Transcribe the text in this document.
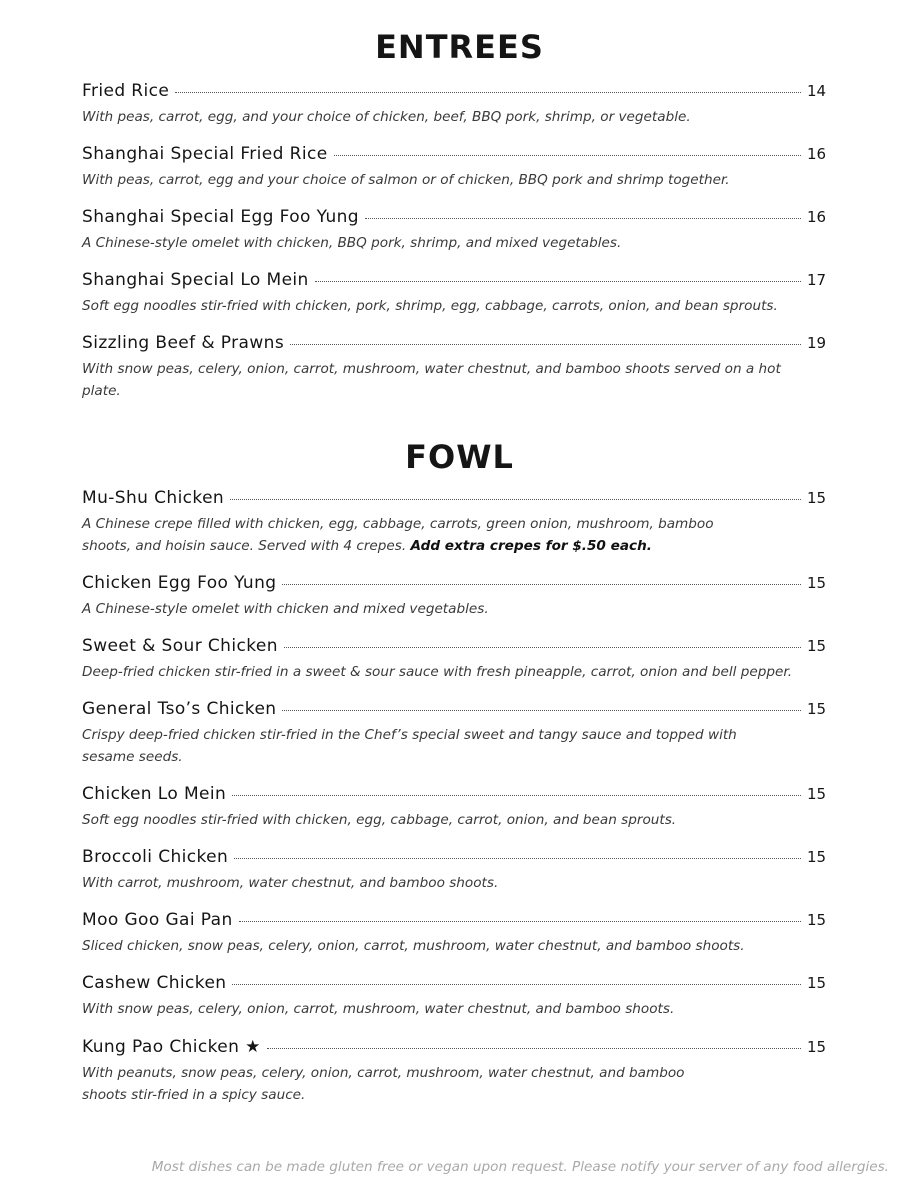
ENTREES
Fried Rice	14
With peas, carrot, egg, and your choice of chicken, beef, BBQ pork, shrimp, or vegetable.
Shanghai Special Fried Rice	16
With peas, carrot, egg and your choice of salmon or of chicken, BBQ pork and shrimp together.
Shanghai Special Egg Foo Yung	16
A Chinese-style omelet with chicken, BBQ pork, shrimp, and mixed vegetables.
Shanghai Special Lo Mein	17
Soft egg noodles stir-fried with chicken, pork, shrimp, egg, cabbage, carrots, onion, and bean sprouts.
Sizzling Beef & Prawns	19
With snow peas, celery, onion, carrot, mushroom, water chestnut, and bamboo shoots served on a hot plate.
FOWL
Mu-Shu Chicken	15
A Chinese crepe filled with chicken, egg, cabbage, carrots, green onion, mushroom, bamboo shoots, and hoisin sauce. Served with 4 crepes. Add extra crepes for $.50 each.
Chicken Egg Foo Yung	15
A Chinese-style omelet with chicken and mixed vegetables.
Sweet & Sour Chicken	15
Deep-fried chicken stir-fried in a sweet & sour sauce with fresh pineapple, carrot, onion and bell pepper.
General Tso’s Chicken	15
Crispy deep-fried chicken stir-fried in the Chef’s special sweet and tangy sauce and topped with sesame seeds.
Chicken Lo Mein	15
Soft egg noodles stir-fried with chicken, egg, cabbage, carrot, onion, and bean sprouts.
Broccoli Chicken	15
With carrot, mushroom, water chestnut, and bamboo shoots.
Moo Goo Gai Pan	15
Sliced chicken, snow peas, celery, onion, carrot, mushroom, water chestnut, and bamboo shoots.
Cashew Chicken	15
With snow peas, celery, onion, carrot, mushroom, water chestnut, and bamboo shoots.
Kung Pao Chicken ★	15
With peanuts, snow peas, celery, onion, carrot, mushroom, water chestnut, and bamboo shoots stir-fried in a spicy sauce.
Most dishes can be made gluten free or vegan upon request. Please notify your server of any food allergies.
